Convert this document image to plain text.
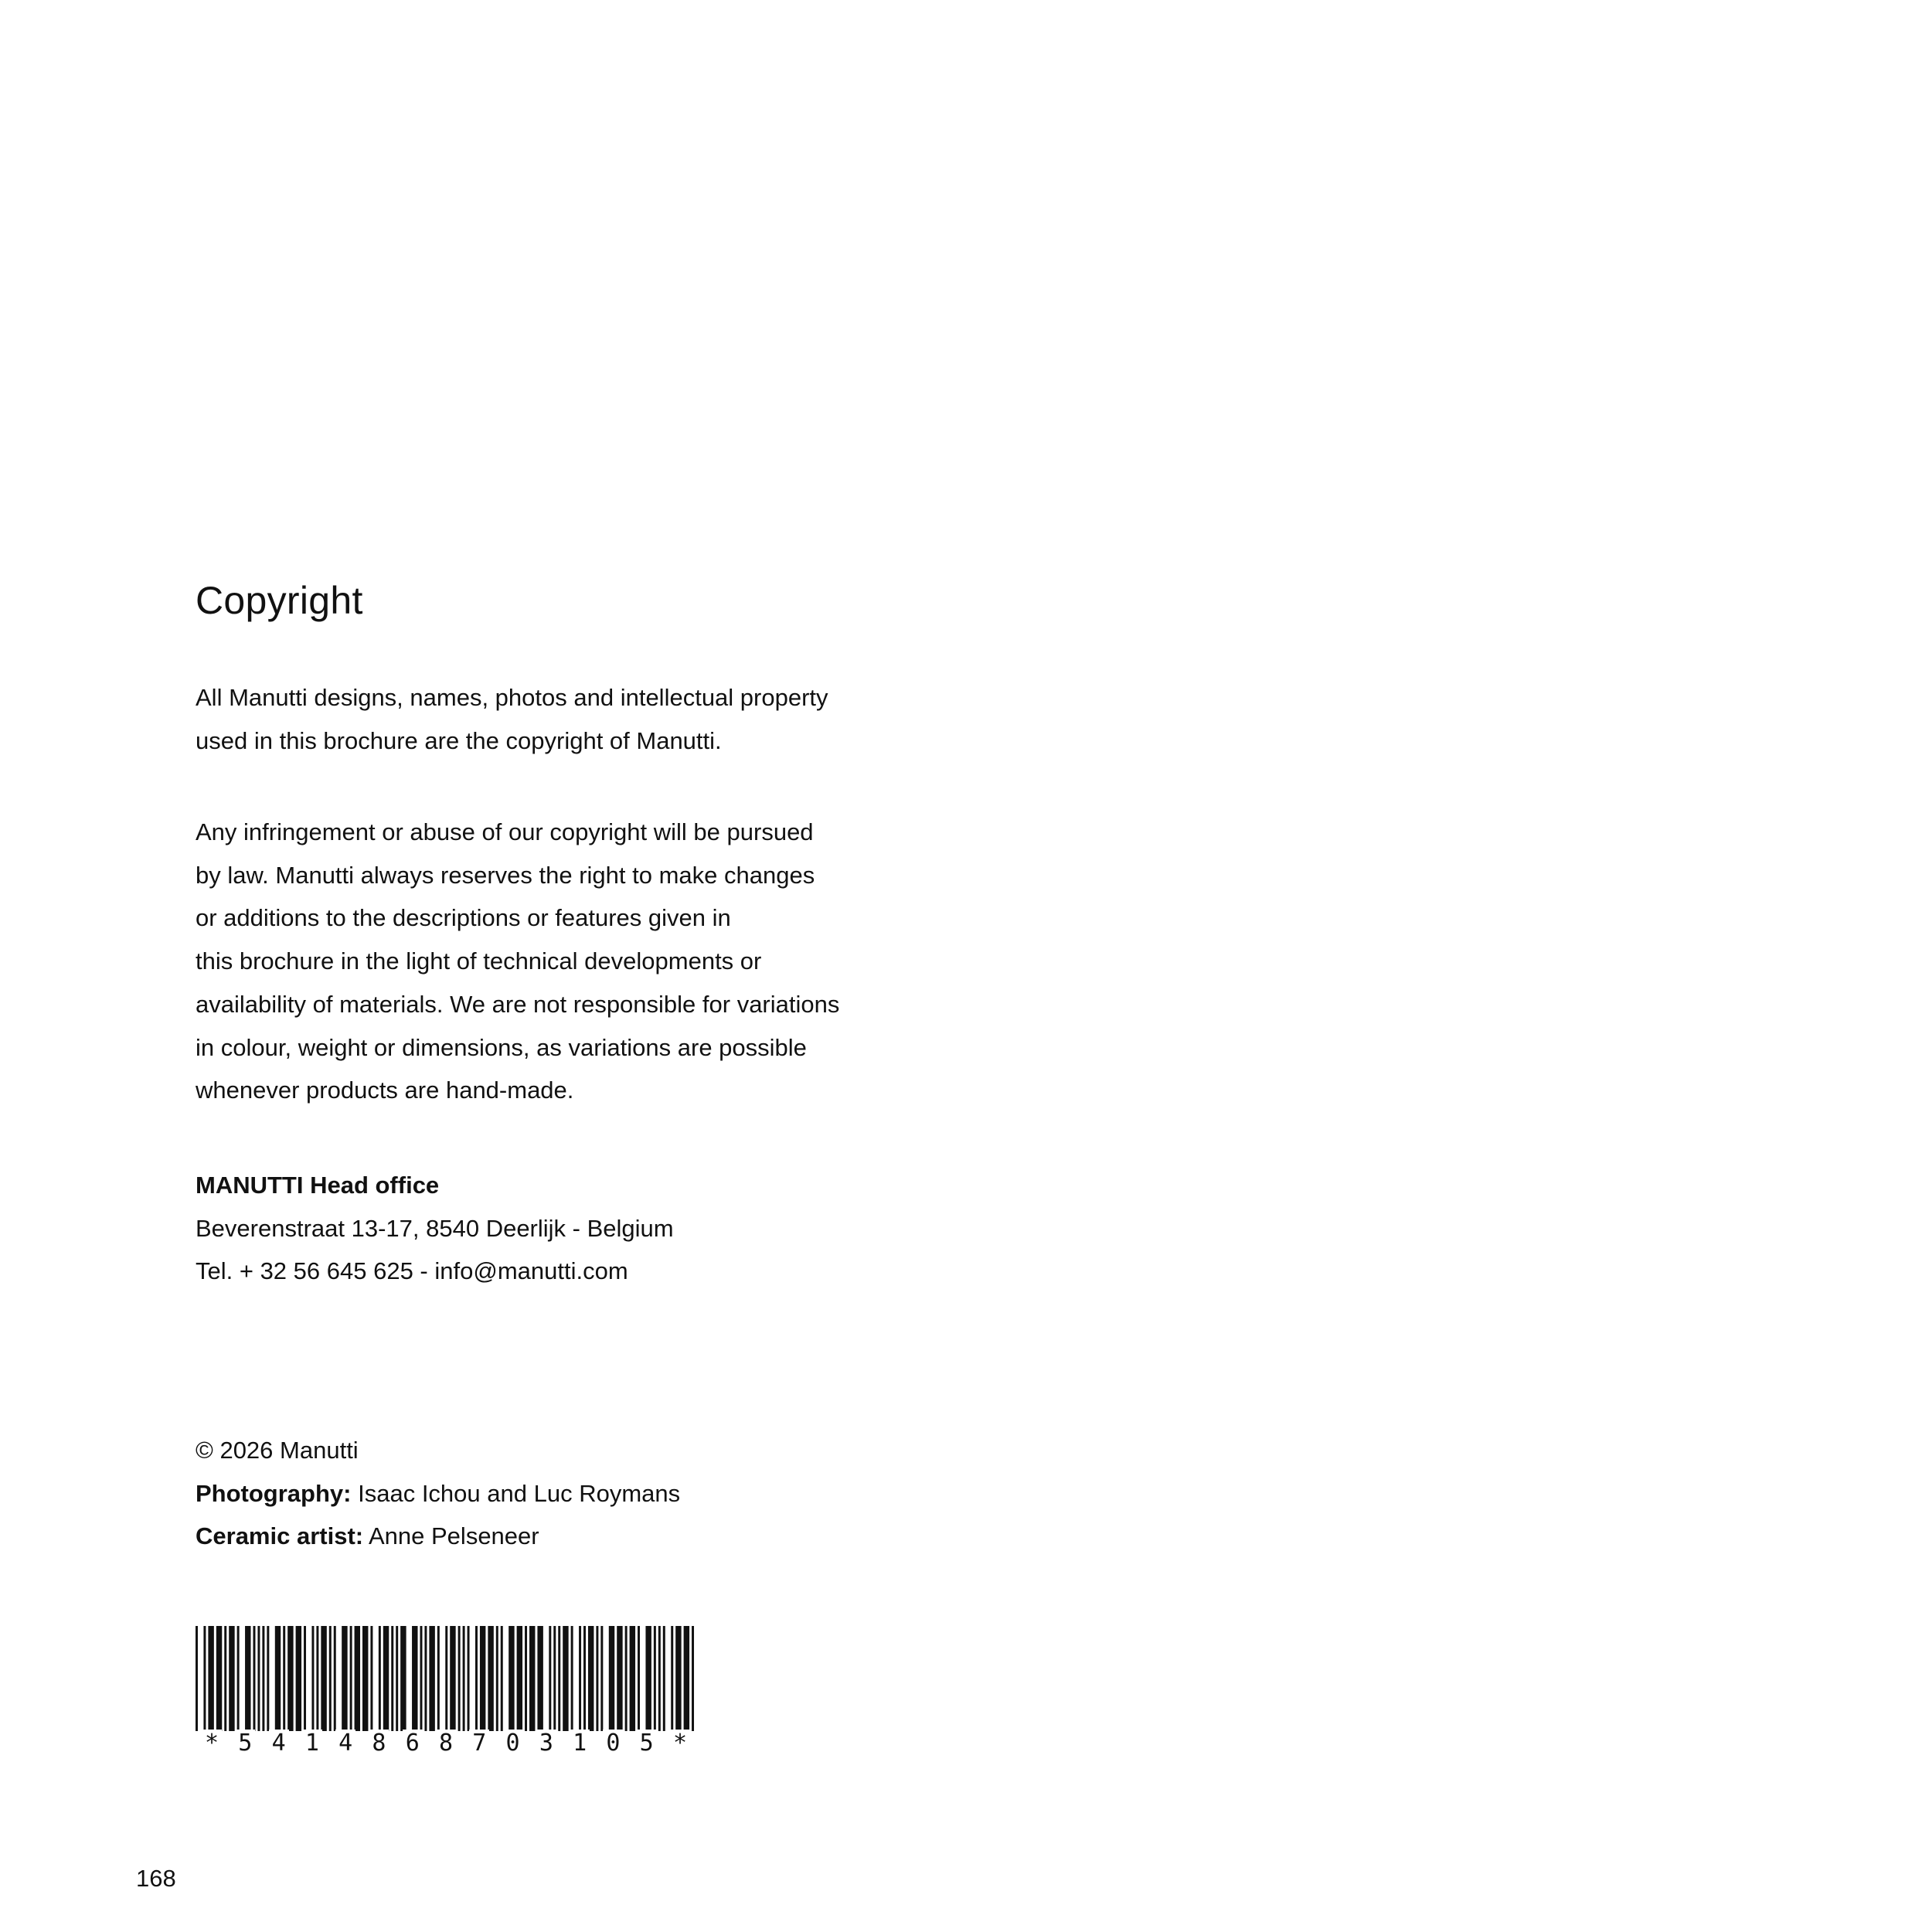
Copyright

All Manutti designs, names, photos and intellectual property
used in this brochure are the copyright of Manutti.

Any infringement or abuse of our copyright will be pursued
by law. Manutti always reserves the right to make changes
or additions to the descriptions or features given in
this brochure in the light of technical developments or
availability of materials. We are not responsible for variations
in colour, weight or dimensions, as variations are possible
whenever products are hand-made.

MANUTTI Head office
Beverenstraat 13-17, 8540 Deerlijk - Belgium
Tel. + 32 56 645 625 - info@manutti.com

© 2026 Manutti
Photography: Isaac Ichou and Luc Roymans
Ceramic artist: Anne Pelseneer

* 5 4 1 4 8 6 8 7 0 3 1 0 5 *

168
